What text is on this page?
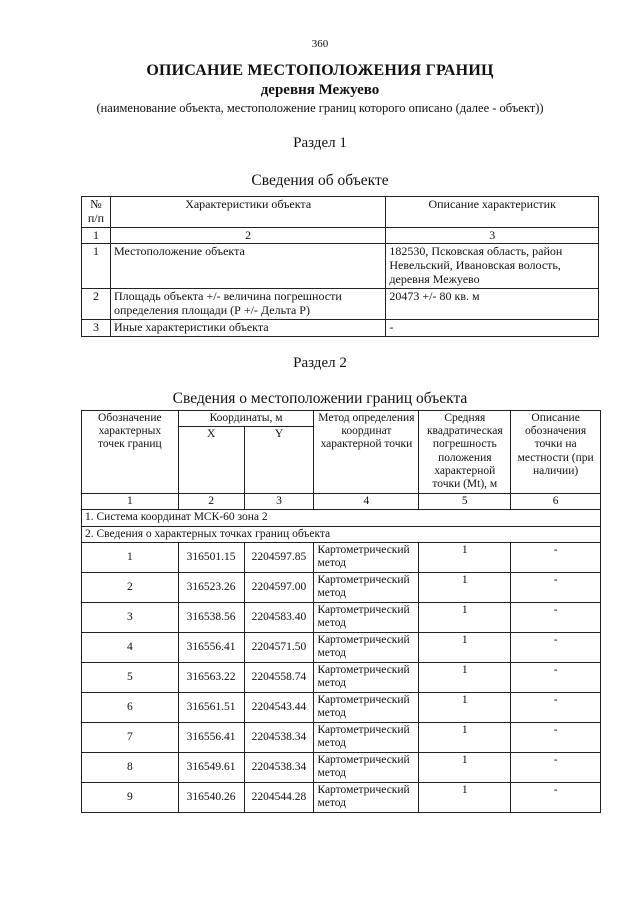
360
ОПИСАНИЕ МЕСТОПОЛОЖЕНИЯ ГРАНИЦ
деревня Межуево
(наименование объекта, местоположение границ которого описано (далее - объект))
Раздел 1
Сведения об объекте
№ п/п	Характеристики объекта	Описание характеристик
1	2	3
1	Местоположение объекта	182530, Псковская область, район Невельский, Ивановская волость, деревня Межуево
2	Площадь объекта +/- величина погрешности определения площади (Р +/- Дельта Р)	20473 +/- 80 кв. м
3	Иные характеристики объекта	-
Раздел 2
Сведения о местоположении границ объекта
Обозначение характерных точек границ	Координаты, м		Метод определения координат характерной точки	Средняя квадратическая погрешность положения характерной точки (Mt), м	Описание обозначения точки на местности (при наличии)
	X	Y			
1	2	3	4	5	6
1. Система координат МСК-60 зона 2					
2. Сведения о характерных точках границ объекта					
1	316501.15	2204597.85	Картометрический метод	1	-
2	316523.26	2204597.00	Картометрический метод	1	-
3	316538.56	2204583.40	Картометрический метод	1	-
4	316556.41	2204571.50	Картометрический метод	1	-
5	316563.22	2204558.74	Картометрический метод	1	-
6	316561.51	2204543.44	Картометрический метод	1	-
7	316556.41	2204538.34	Картометрический метод	1	-
8	316549.61	2204538.34	Картометрический метод	1	-
9	316540.26	2204544.28	Картометрический метод	1	-
